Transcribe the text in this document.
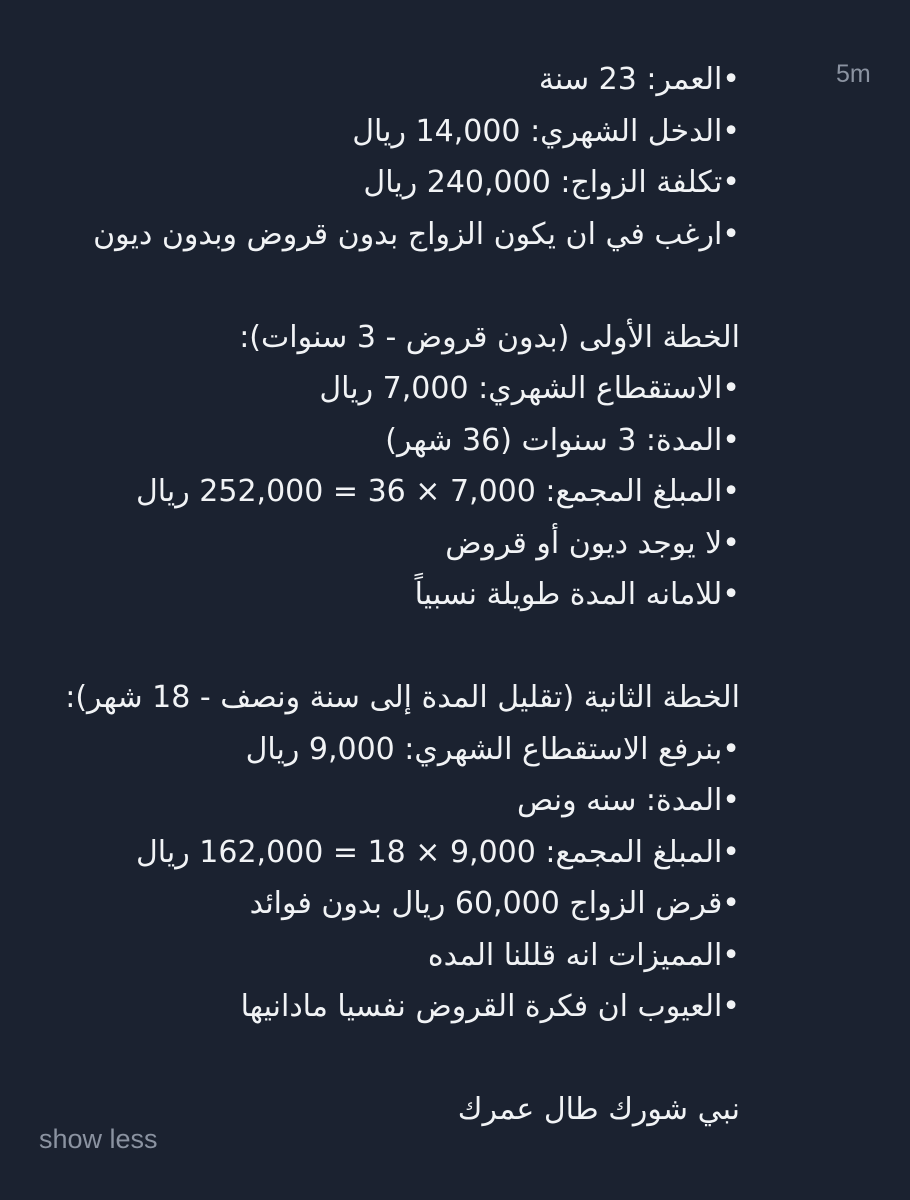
5m
•العمر: 23 سنة
•الدخل الشهري: 14,000 ريال
•تكلفة الزواج: 240,000 ريال
•ارغب في ان يكون الزواج بدون قروض وبدون ديون
الخطة الأولى (بدون قروض - 3 سنوات):
•الاستقطاع الشهري: 7,000 ريال
•المدة: 3 سنوات (36 شهر)
•المبلغ المجمع: 7,000 × 36 = 252,000 ريال
•لا يوجد ديون أو قروض
•للامانه المدة طويلة نسبياً
الخطة الثانية (تقليل المدة إلى سنة ونصف - 18 شهر):
•بنرفع الاستقطاع الشهري: 9,000 ريال
•المدة: سنه ونص
•المبلغ المجمع: 9,000 × 18 = 162,000 ريال
•قرض الزواج 60,000 ريال بدون فوائد
•المميزات انه قللنا المده
•العيوب ان فكرة القروض نفسيا مادانيها
نبي شورك طال عمرك
show less
